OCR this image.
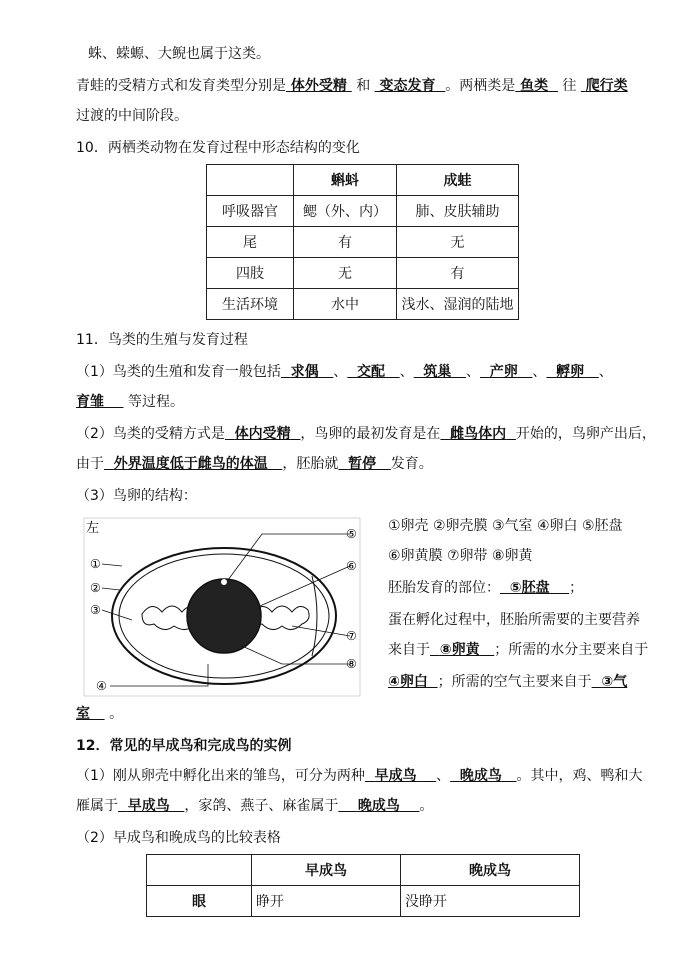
蛛、蝾螈、大鲵也属于这类。
青蛙的受精方式和发育类型分别是 体外受精 和 变态发育 。两栖类是 鱼类 往 爬行类
过渡的中间阶段。
10．两栖类动物在发育过程中形态结构的变化
	蝌蚪	成蛙
呼吸器官	鳃（外、内）	肺、皮肤辅助
尾	有	无
四肢	无	有
生活环境	水中	浅水、湿润的陆地
11．鸟类的生殖与发育过程
（1）鸟类的生殖和发育一般包括 求偶 、 交配 、 筑巢 、 产卵 、 孵卵 、
育雏 等过程。
（2）鸟类的受精方式是 体内受精 ，鸟卵的最初发育是在 雌鸟体内 开始的，鸟卵产出后，
由于 外界温度低于雌鸟的体温 ，胚胎就 暂停 发育。
（3）鸟卵的结构：
左
①
②
③
④
⑤
⑥
⑦
⑧
①卵壳 ②卵壳膜 ③气室 ④卵白 ⑤胚盘
⑥卵黄膜 ⑦卵带 ⑧卵黄
胚胎发育的部位： ⑤胚盘 ；
蛋在孵化过程中，胚胎所需要的主要营养
来自于 ⑧卵黄 ；所需的水分主要来自于
④卵白 ；所需的空气主要来自于 ③气
室 。
12．常见的早成鸟和完成鸟的实例
（1）刚从卵壳中孵化出来的雏鸟，可分为两种 早成鸟 、 晚成鸟 。其中，鸡、鸭和大
雁属于 早成鸟 ，家鸽、燕子、麻雀属于 晚成鸟 。
（2）早成鸟和晚成鸟的比较表格
	早成鸟	晚成鸟
眼	睁开	没睁开
